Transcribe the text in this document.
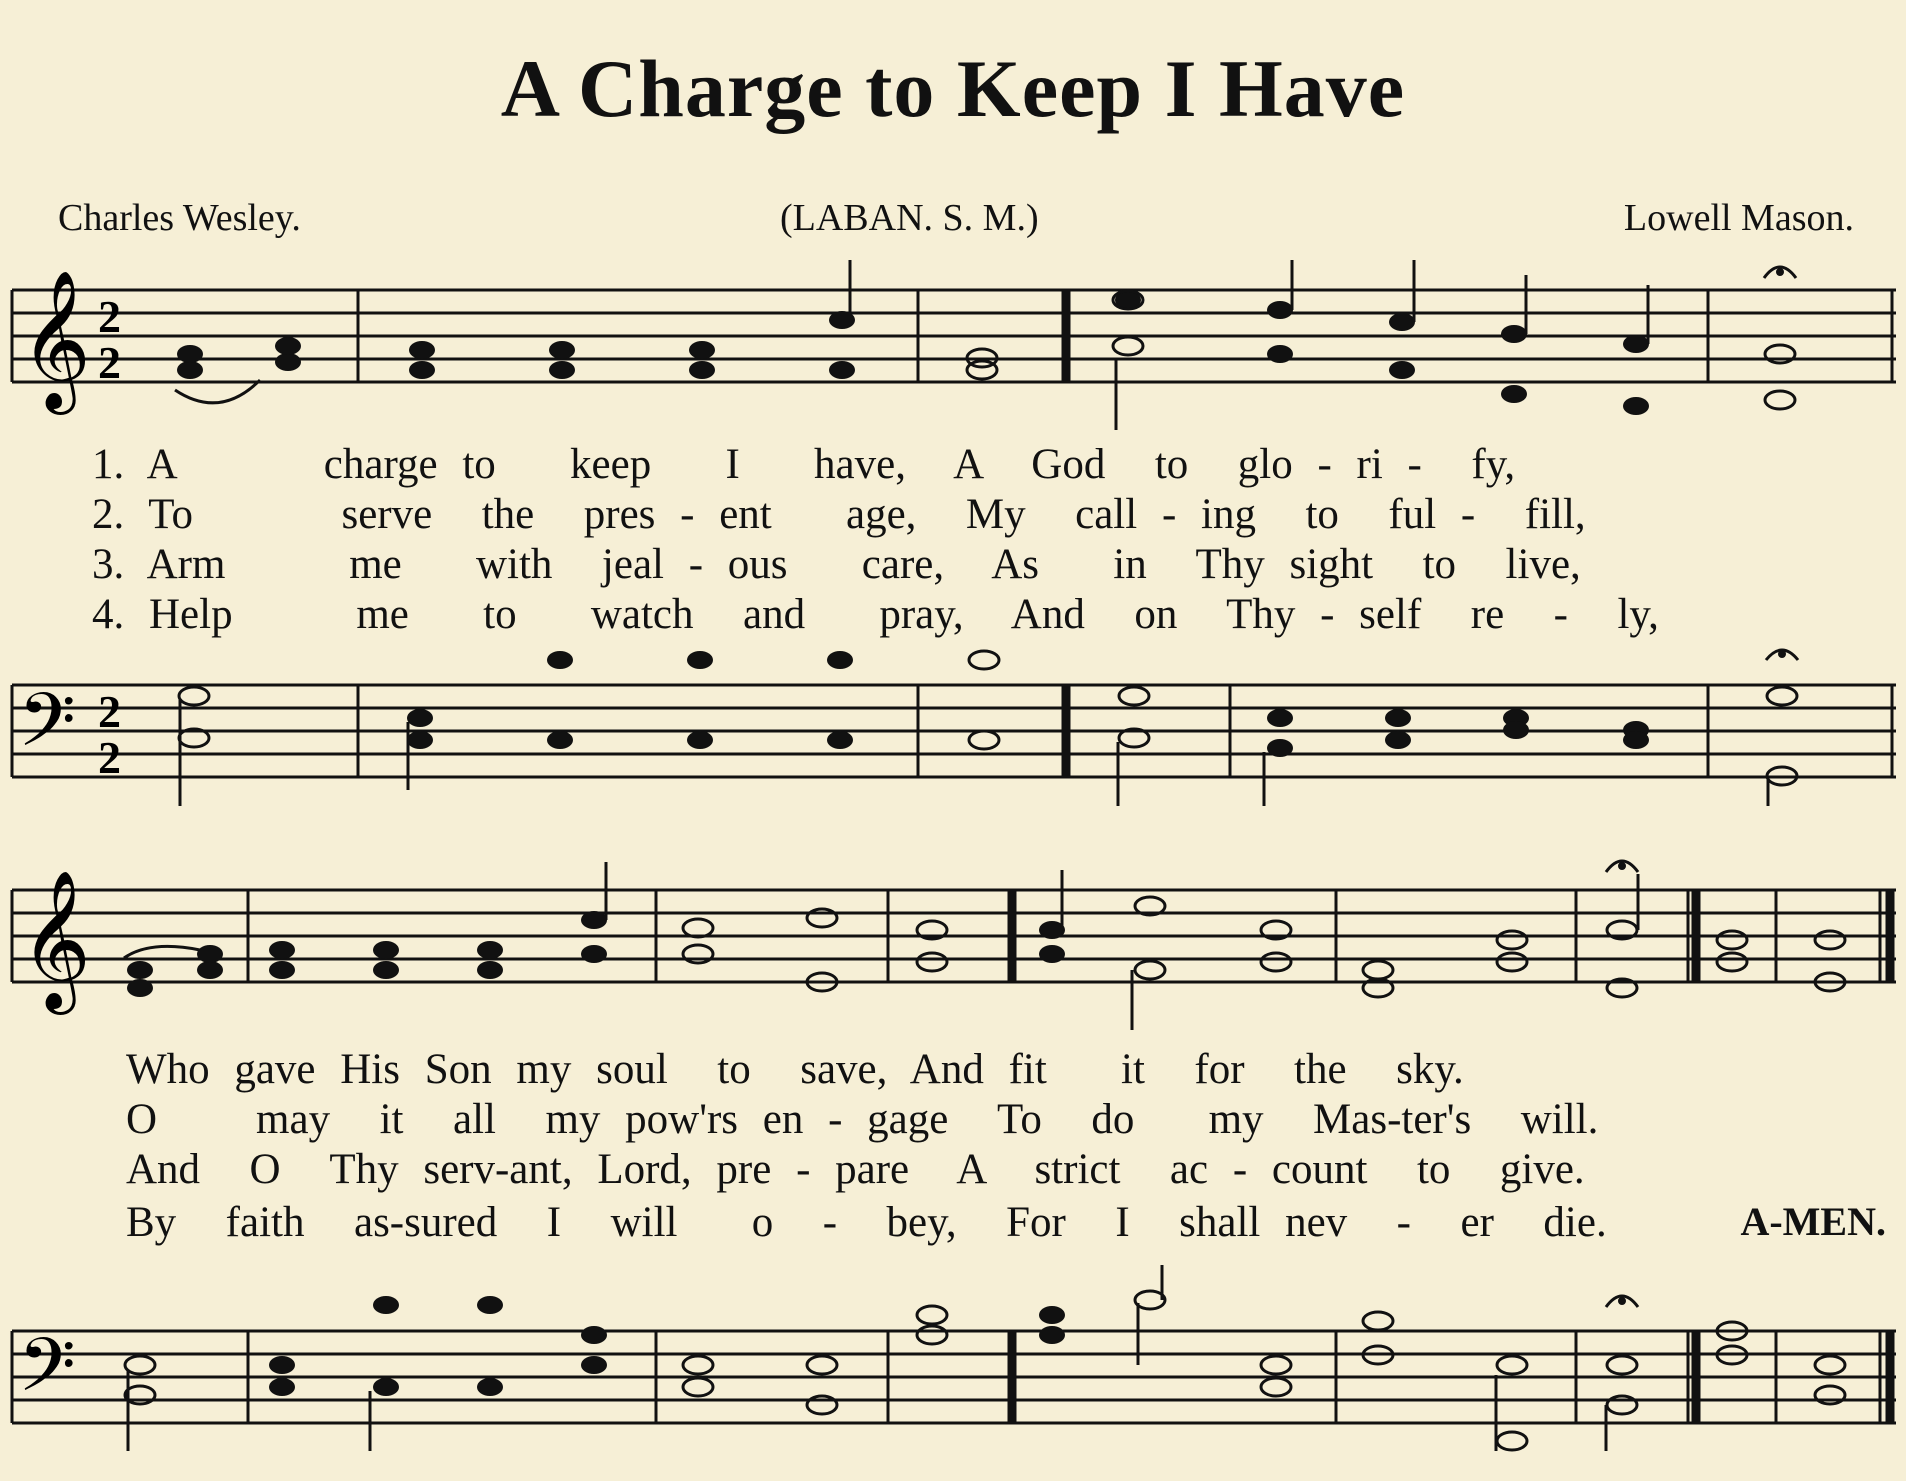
A Charge to Keep I Have
Charles Wesley.	(LABAN. S. M.)	Lowell Mason.
𝄞 2
2
1. A      charge to   keep   I   have,  A  God  to  glo - ri -  fy,
2. To      serve  the  pres - ent   age,  My  call - ing  to  ful -  fill,
3. Arm     me   with  jeal - ous   care,  As   in  Thy sight  to  live,
4. Help     me   to   watch  and   pray,  And  on  Thy - self  re  -  ly,
𝄢 2
2
𝄞
Who gave His Son my soul  to  save, And fit   it  for  the  sky.
O    may  it  all  my pow'rs en - gage  To  do   my  Mas-ter's  will.
And  O  Thy serv-ant, Lord, pre - pare  A  strict  ac - count  to  give.
By  faith  as-sured  I  will   o  -  bey,  For  I  shall nev  -  er  die.	A-MEN.
𝄢
